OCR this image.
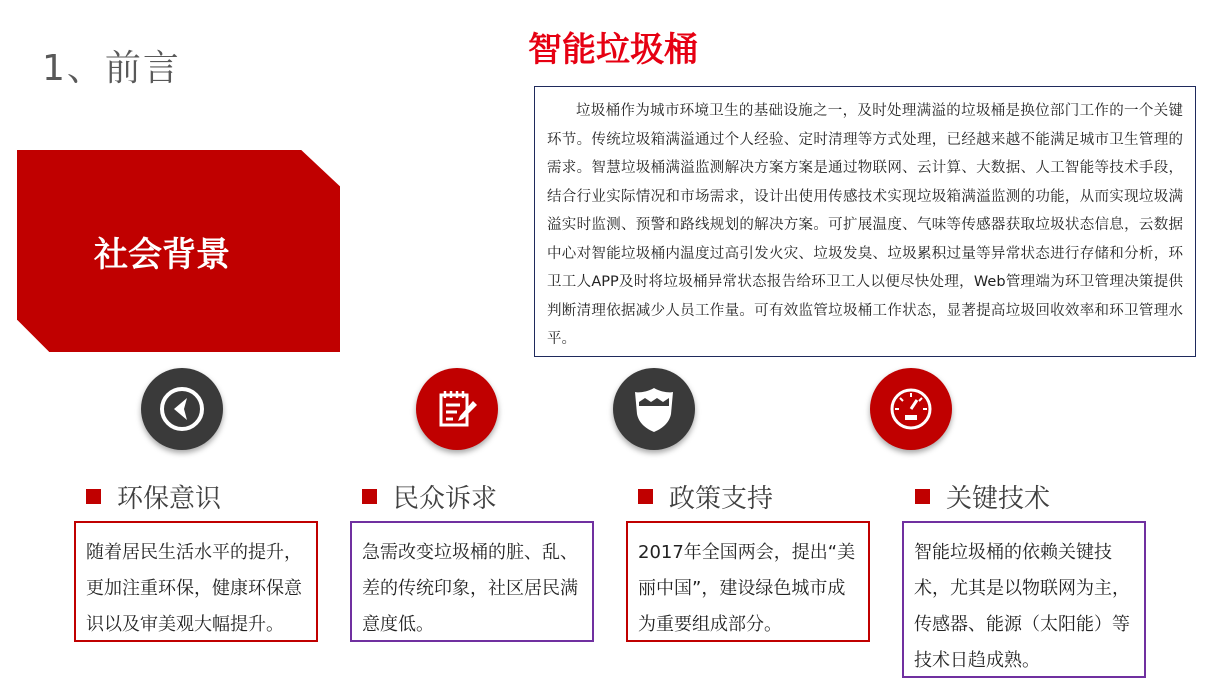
1、前言	智能垃圾桶
垃圾桶作为城市环境卫生的基础设施之一，及时处理满溢的垃圾桶是换位部门工作的一个关键环节。传统垃圾箱满溢通过个人经验、定时清理等方式处理，已经越来越不能满足城市卫生管理的需求。智慧垃圾桶满溢监测解决方案方案是通过物联网、云计算、大数据、人工智能等技术手段，结合行业实际情况和市场需求，设计出使用传感技术实现垃圾箱满溢监测的功能，从而实现垃圾满溢实时监测、预警和路线规划的解决方案。可扩展温度、气味等传感器获取垃圾状态信息，云数据中心对智能垃圾桶内温度过高引发火灾、垃圾发臭、垃圾累积过量等异常状态进行存储和分析，环卫工人APP及时将垃圾桶异常状态报告给环卫工人以便尽快处理，Web管理端为环卫管理决策提供判断清理依据减少人员工作量。可有效监管垃圾桶工作状态，显著提高垃圾回收效率和环卫管理水平。
社会背景
环保意识	民众诉求	政策支持	关键技术
随着居民生活水平的提升，更加注重环保，健康环保意识以及审美观大幅提升。
急需改变垃圾桶的脏、乱、差的传统印象，社区居民满意度低。
2017年全国两会，提出“美丽中国”，建设绿色城市成为重要组成部分。
智能垃圾桶的依赖关键技术，尤其是以物联网为主，传感器、能源（太阳能）等技术日趋成熟。
